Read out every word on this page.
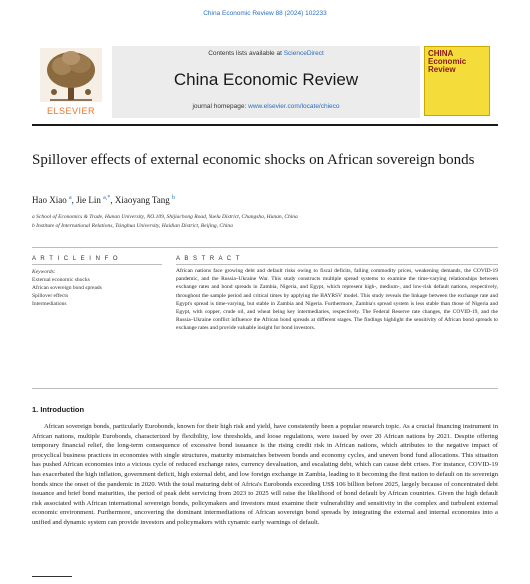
China Economic Review 88 (2024) 102233
ELSEVIER
Contents lists available at ScienceDirect
China Economic Review
journal homepage: www.elsevier.com/locate/chieco
CHINA Economic Review
Spillover effects of external economic shocks on African sovereign bonds
Hao Xiao $^a$, Jie Lin $^{a,*}$, Xiaoyang Tang $^b$
a School of Economics & Trade, Hunan University, NO.109, Shijiachong Road, Yuelu District, Changsha, Hunan, China
b Institute of International Relations, Tsinghua University, Haidian District, Beijing, China
A R T I C L E I N F O	A B S T R A C T
Keywords:
External economic shocks
African sovereign bond spreads
Spillover effects
Intermediations
African nations face growing debt and default risks owing to fiscal deficits, falling commodity prices, weakening demands, the COVID-19 pandemic, and the Russia–Ukraine War. This study constructs multiple spread systems to examine the time-varying relationships between exchange rates and bond spreads in Zambia, Nigeria, and Egypt, which represent high-, medium-, and low-risk default nations, respectively, throughout the sample period and critical times by applying the BAYRSV model. This study reveals the linkage between the exchange rate and Egypt's spread is time-varying, but stable in Zambia and Nigeria. Furthermore, Zambia's spread system is less stable than those of Nigeria and Egypt, with copper, crude oil, and wheat being key intermediaries, respectively. The Federal Reserve rate changes, the COVID-19, and the Russia–Ukraine conflict influence the African bond spreads at different stages. The findings highlight the sensitivity of African bond spreads to exchange rates and provide valuable insight for bond investors.
1. Introduction
African sovereign bonds, particularly Eurobonds, known for their high risk and yield, have consistently been a popular research topic. As a crucial financing instrument in African nations, multiple Eurobonds, characterized by flexibility, low thresholds, and loose regulations, were issued by over 20 African nations by 2021. Despite offering temporary financial relief, the long-term consequence of excessive bond issuance is the rising credit risk in African nations, which attributes to the negative impact of procyclical business practices in economies with single structures, maturity mismatches between bonds and economy cycles, and uneven bond fund allocations. This situation has pushed African economies into a vicious cycle of reduced exchange rates, currency devaluation, and escalating debt, which can cause debt crises. For instance, COVID-19 has exacerbated the high inflation, government deficit, high external debt, and low foreign exchange in Zambia, leading to it becoming the first nation to default on its sovereign bonds since the onset of the pandemic in 2020. With the total maturing debt of Africa's Eurobonds exceeding US$ 106 billion before 2025, largely because of concentrated debt issuance and brief bond maturities, the period of peak debt servicing from 2023 to 2025 will raise the likelihood of bond default by African countries. Given the high default risk associated with African international sovereign bonds, policymakers and investors must examine their vulnerability and sensitivity in the complex and turbulent external economic environment. Furthermore, uncovering the dominant intermediations of African sovereign bond spreads by integrating the external and internal economies into a unified and dynamic system can provide investors and policymakers with cynamic early warnings of default.
